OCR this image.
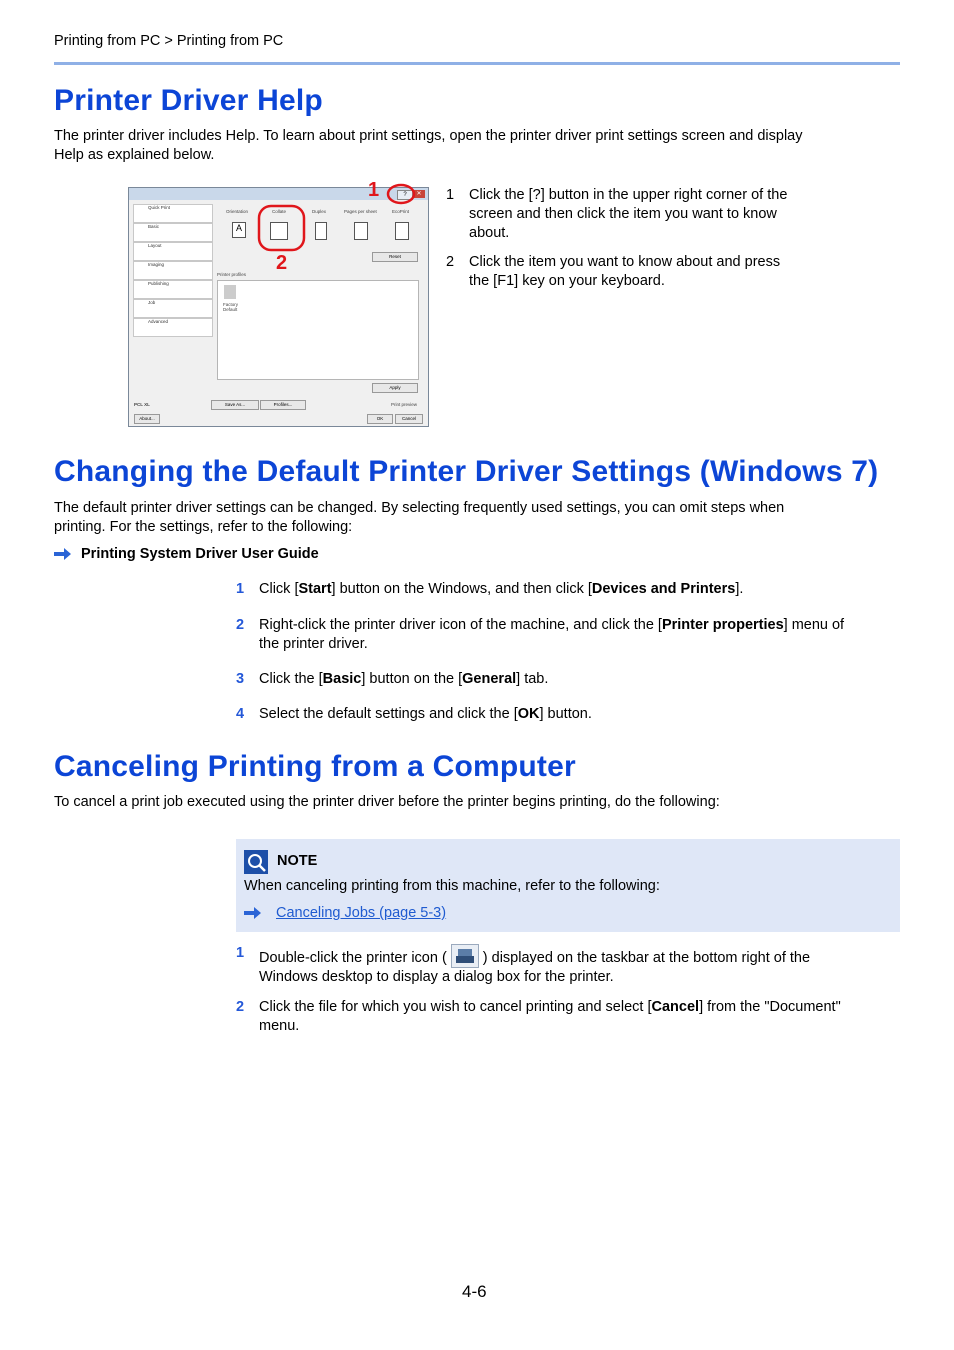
Printing from PC > Printing from PC
Printer Driver Help

The printer driver includes Help. To learn about print settings, open the printer driver print settings screen and display
Help as explained below.

?	✕
Quick Print
Basic
Layout
Imaging
Publishing
Job
Advanced
Orientation	Collate	Duplex	Pages per sheet	EcoPrint
A
Reset
Printer profiles
Factory Default
Apply
Save As...	Profiles...
PCL XL	Print preview
About...	OK	Cancel
1
2
1 Click the [?] button in the upper right corner of the
screen and then click the item you want to know
about.
2 Click the item you want to know about and press
the [F1] key on your keyboard.
Changing the Default Printer Driver Settings (Windows 7)

The default printer driver settings can be changed. By selecting frequently used settings, you can omit steps when
printing. For the settings, refer to the following:

Printing System Driver User Guide
1 Click [Start] button on the Windows, and then click [Devices and Printers].
2 Right-click the printer driver icon of the machine, and click the [Printer properties] menu of
the printer driver.
3 Click the [Basic] button on the [General] tab.
4 Select the default settings and click the [OK] button.
Canceling Printing from a Computer

To cancel a print job executed using the printer driver before the printer begins printing, do the following:

NOTE
When canceling printing from this machine, refer to the following:
Canceling Jobs (page 5-3)
1 Double-click the printer icon ( ) displayed on the taskbar at the bottom right of the
Windows desktop to display a dialog box for the printer.
2 Click the file for which you wish to cancel printing and select [Cancel] from the "Document"
menu.
4-6
